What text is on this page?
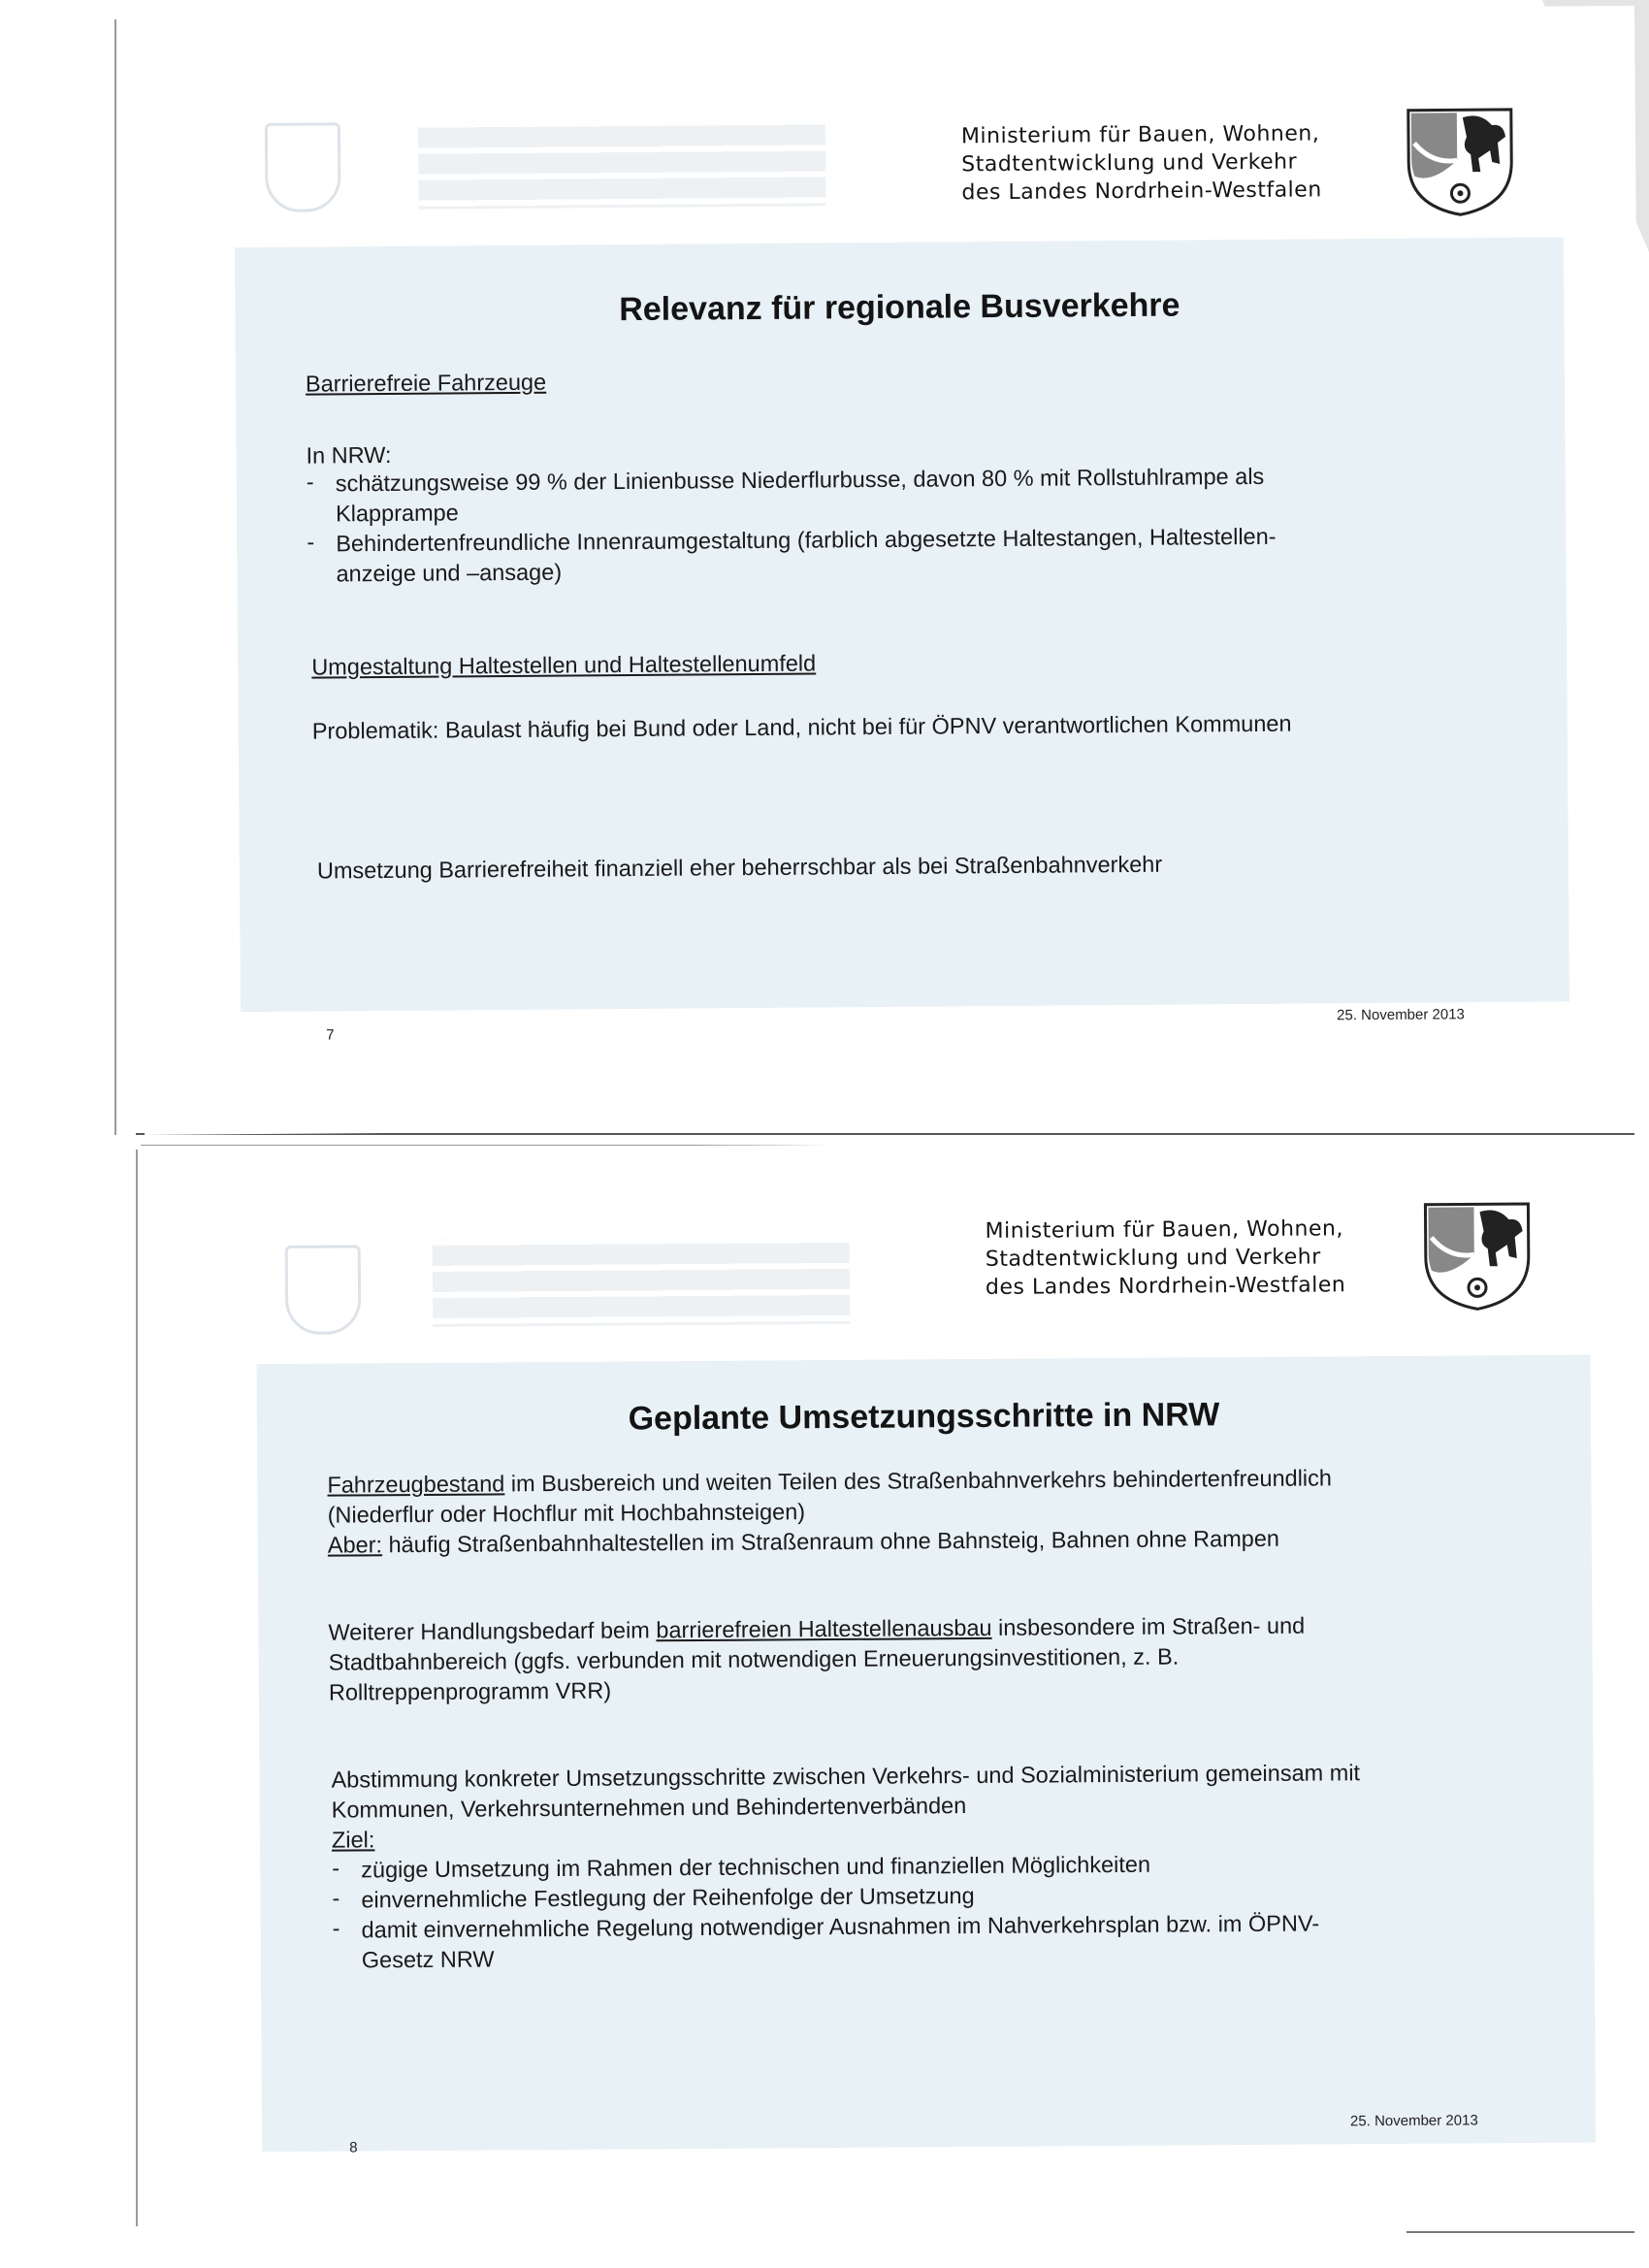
Ministerium für Bauen, Wohnen,
Stadtentwicklung und Verkehr
des Landes Nordrhein-Westfalen
Relevanz für regionale Busverkehre
Barrierefreie Fahrzeuge
In NRW:
- schätzungsweise 99 % der Linienbusse Niederflurbusse, davon 80 % mit Rollstuhlrampe als
Klapprampe
- Behindertenfreundliche Innenraumgestaltung (farblich abgesetzte Haltestangen, Haltestellen-
anzeige und –ansage)
Umgestaltung Haltestellen und Haltestellenumfeld
Problematik: Baulast häufig bei Bund oder Land, nicht bei für ÖPNV verantwortlichen Kommunen
Umsetzung Barrierefreiheit finanziell eher beherrschbar als bei Straßenbahnverkehr
7
25. November 2013
Ministerium für Bauen, Wohnen,
Stadtentwicklung und Verkehr
des Landes Nordrhein-Westfalen
Geplante Umsetzungsschritte in NRW
Fahrzeugbestand im Busbereich und weiten Teilen des Straßenbahnverkehrs behindertenfreundlich
(Niederflur oder Hochflur mit Hochbahnsteigen)
Aber: häufig Straßenbahnhaltestellen im Straßenraum ohne Bahnsteig, Bahnen ohne Rampen
Weiterer Handlungsbedarf beim barrierefreien Haltestellenausbau insbesondere im Straßen- und
Stadtbahnbereich (ggfs. verbunden mit notwendigen Erneuerungsinvestitionen, z. B.
Rolltreppenprogramm VRR)
Abstimmung konkreter Umsetzungsschritte zwischen Verkehrs- und Sozialministerium gemeinsam mit
Kommunen, Verkehrsunternehmen und Behindertenverbänden
Ziel:
- zügige Umsetzung im Rahmen der technischen und finanziellen Möglichkeiten
- einvernehmliche Festlegung der Reihenfolge der Umsetzung
- damit einvernehmliche Regelung notwendiger Ausnahmen im Nahverkehrsplan bzw. im ÖPNV-
Gesetz NRW
8
25. November 2013
